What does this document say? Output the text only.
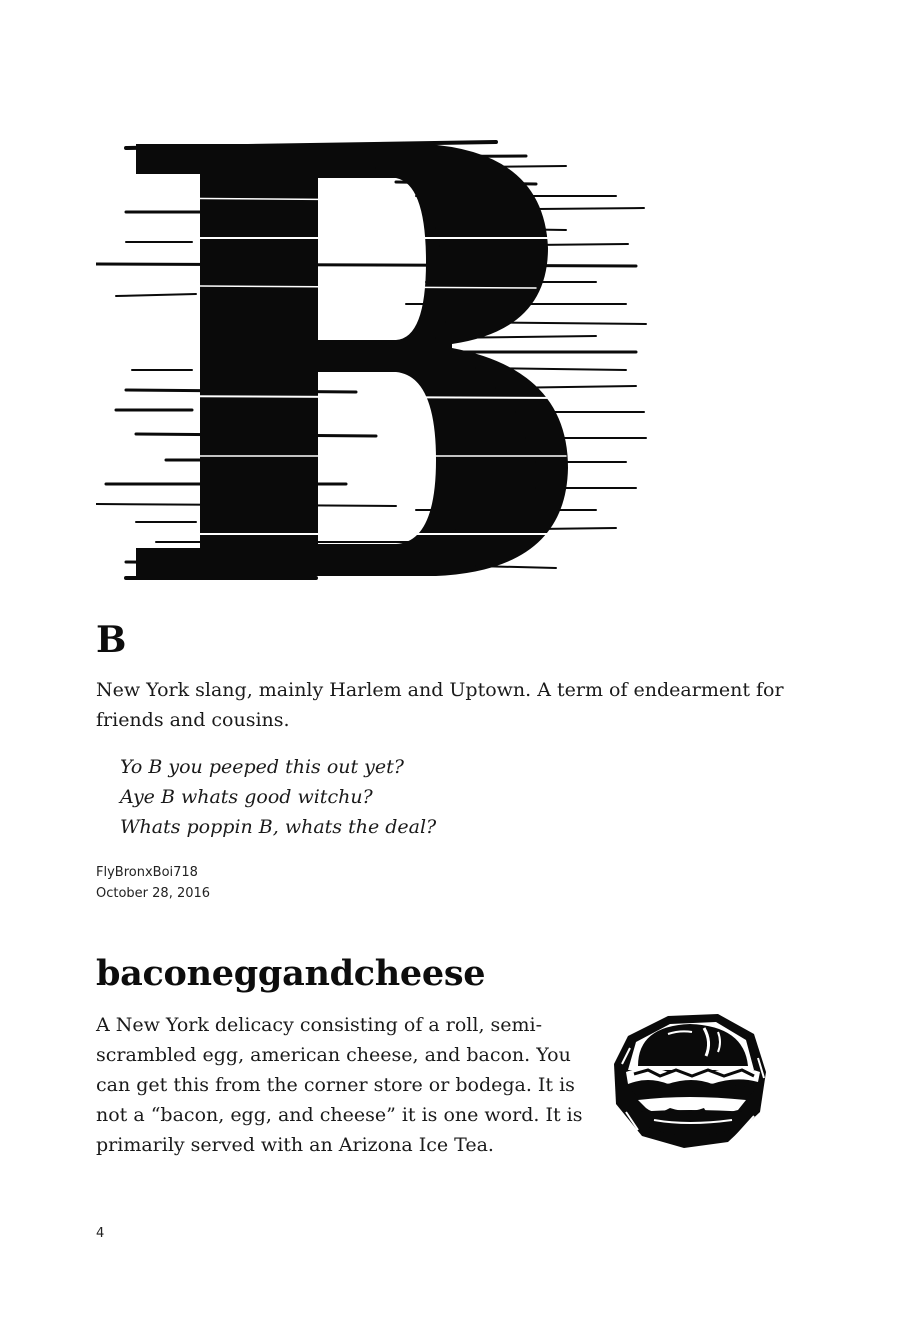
B

New York slang, mainly Harlem and Uptown. A term of endearment for friends and cousins.

Yo B you peeped this out yet?
Aye B whats good witchu?
Whats poppin B, whats the deal?
FlyBronxBoi718
October 28, 2016
baconeggandcheese

A New York delicacy consisting of a roll, semi-scrambled egg, american cheese, and bacon. You can get this from the corner store or bodega. It is not a “bacon, egg, and cheese” it is one word. It is primarily served with an Arizona Ice Tea.

4
